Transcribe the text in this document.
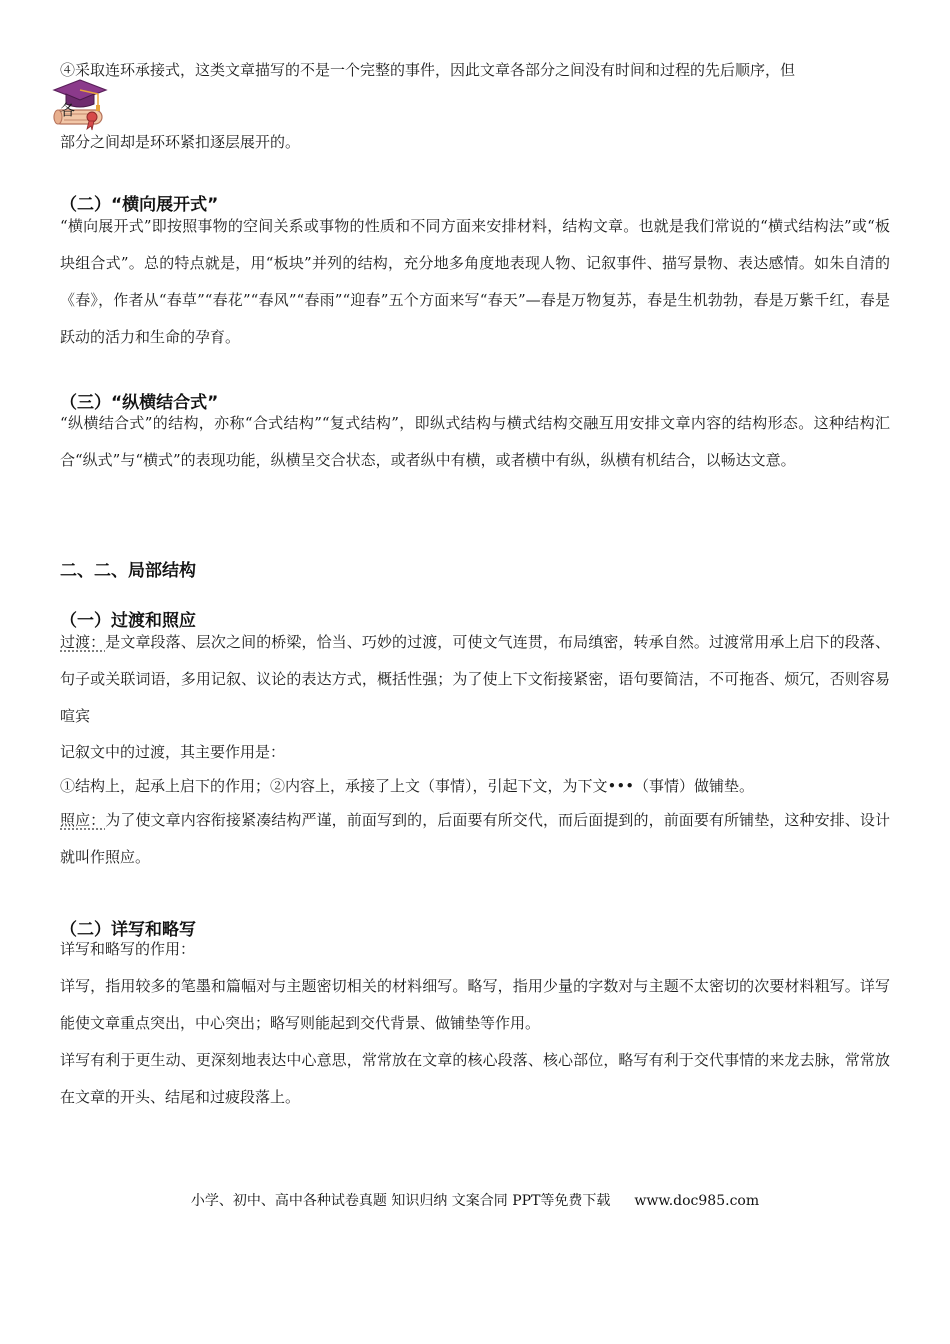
④采取连环承接式，这类文章描写的不是一个完整的事件，因此文章各部分之间没有时间和过程的先后顺序，但

各

部分之间却是环环紧扣逐层展开的。

（二）“横向展开式”

“横向展开式”即按照事物的空间关系或事物的性质和不同方面来安排材料，结构文章。也就是我们常说的“横式结构法”或“板块组合式”。总的特点就是，用“板块”并列的结构，充分地多角度地表现人物、记叙事件、描写景物、表达感情。如朱自清的《春》，作者从“春草”“春花”“春风”“春雨”“迎春”五个方面来写“春天”—春是万物复苏，春是生机勃勃，春是万紫千红，春是跃动的活力和生命的孕育。

（三）“纵横结合式”

“纵横结合式”的结构，亦称“合式结构”“复式结构”，即纵式结构与横式结构交融互用安排文章内容的结构形态。这种结构汇合“纵式”与“横式”的表现功能，纵横呈交合状态，或者纵中有横，或者横中有纵，纵横有机结合，以畅达文意。

二、二、局部结构
（一）过渡和照应

过渡：是文章段落、层次之间的桥梁，恰当、巧妙的过渡，可使文气连贯，布局缜密，转承自然。过渡常用承上启下的段落、句子或关联词语，多用记叙、议论的表达方式，概括性强；为了使上下文衔接紧密，语句要简洁，不可拖沓、烦冗，否则容易喧宾

记叙文中的过渡，其主要作用是：

①结构上，起承上启下的作用；②内容上，承接了上文（事情），引起下文，为下文•••（事情）做铺垫。

照应：为了使文章内容衔接紧凑结构严谨，前面写到的，后面要有所交代，而后面提到的，前面要有所铺垫，这种安排、设计就叫作照应。

（二）详写和略写

详写和略写的作用：

详写，指用较多的笔墨和篇幅对与主题密切相关的材料细写。略写，指用少量的字数对与主题不太密切的次要材料粗写。详写能使文章重点突出，中心突出；略写则能起到交代背景、做铺垫等作用。

详写有利于更生动、更深刻地表达中心意思，常常放在文章的核心段落、核心部位，略写有利于交代事情的来龙去脉，常常放在文章的开头、结尾和过疲段落上。

小学、初中、高中各种试卷真题 知识归纳 文案合同 PPT等免费下载 www.doc985.com
